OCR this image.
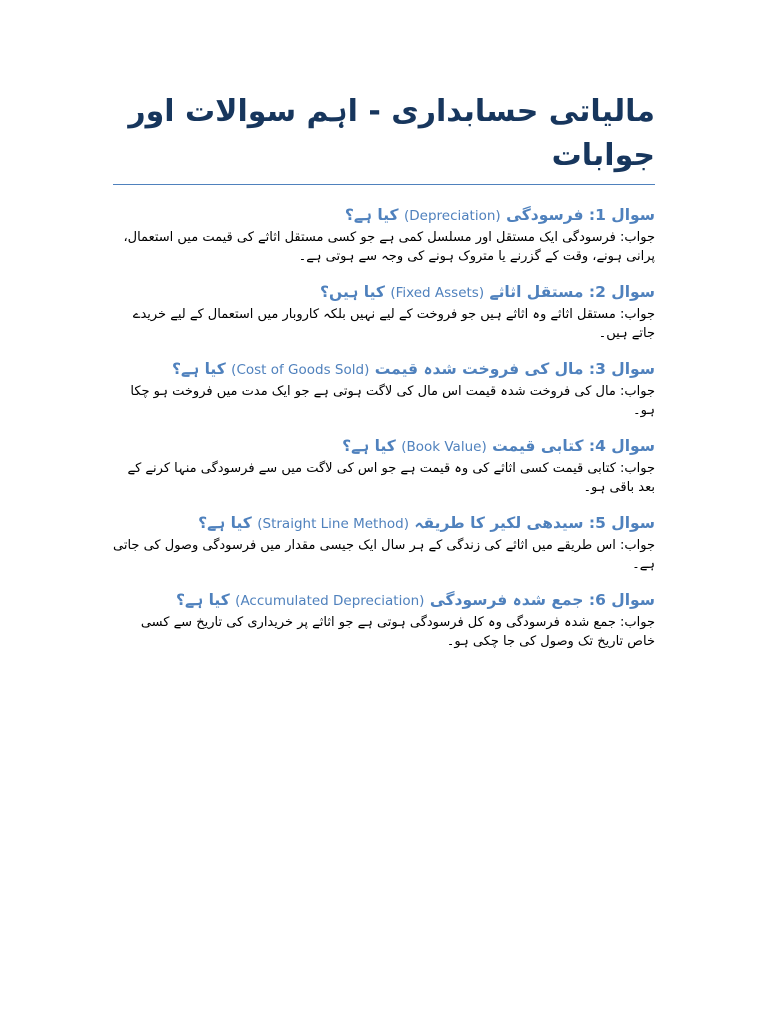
مالیاتی حسابداری - اہم سوالات اور جوابات

سوال 1: فرسودگی (Depreciation) کیا ہے؟

جواب: فرسودگی ایک مستقل اور مسلسل کمی ہے جو کسی مستقل اثاثے کی قیمت میں استعمال، پرانی ہونے، وقت کے گزرنے یا متروک ہونے کی وجہ سے ہوتی ہے۔

سوال 2: مستقل اثاثے (Fixed Assets) کیا ہیں؟

جواب: مستقل اثاثے وہ اثاثے ہیں جو فروخت کے لیے نہیں بلکہ کاروبار میں استعمال کے لیے خریدے جاتے ہیں۔

سوال 3: مال کی فروخت شدہ قیمت (Cost of Goods Sold) کیا ہے؟

جواب: مال کی فروخت شدہ قیمت اس مال کی لاگت ہوتی ہے جو ایک مدت میں فروخت ہو چکا ہو۔

سوال 4: کتابی قیمت (Book Value) کیا ہے؟

جواب: کتابی قیمت کسی اثاثے کی وہ قیمت ہے جو اس کی لاگت میں سے فرسودگی منہا کرنے کے بعد باقی ہو۔

سوال 5: سیدھی لکیر کا طریقہ (Straight Line Method) کیا ہے؟

جواب: اس طریقے میں اثاثے کی زندگی کے ہر سال ایک جیسی مقدار میں فرسودگی وصول کی جاتی ہے۔

سوال 6: جمع شدہ فرسودگی (Accumulated Depreciation) کیا ہے؟

جواب: جمع شدہ فرسودگی وہ کل فرسودگی ہوتی ہے جو اثاثے پر خریداری کی تاریخ سے کسی خاص تاریخ تک وصول کی جا چکی ہو۔
